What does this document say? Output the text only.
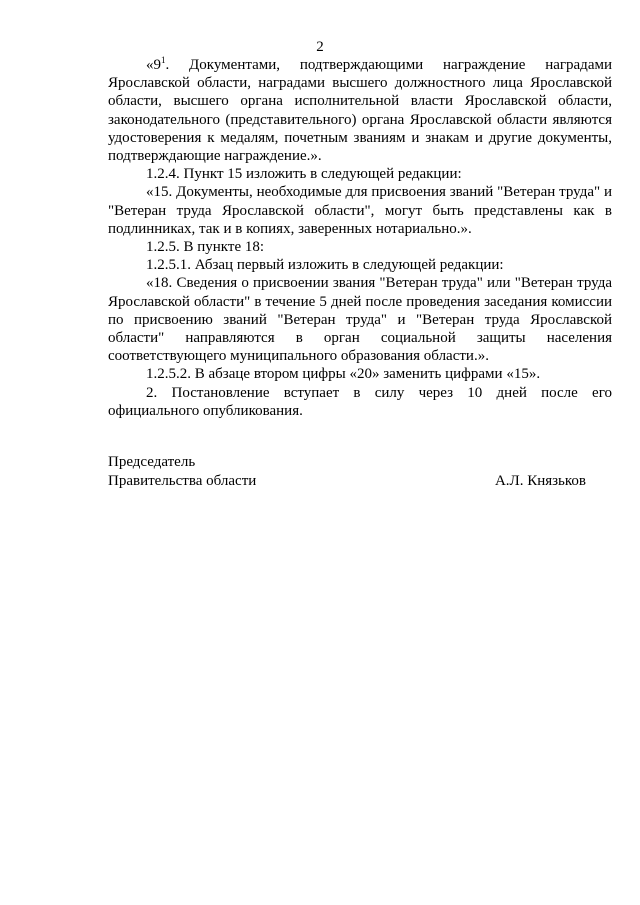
2

«$9^1$. Документами, подтверждающими награждение наградами Ярославской области, наградами высшего должностного лица Ярославской области, высшего органа исполнительной власти Ярославской области, законодательного (представительного) органа Ярославской области являются удостоверения к медалям, почетным званиям и знакам и другие документы, подтверждающие награждение.».

1.2.4. Пункт 15 изложить в следующей редакции:

«15. Документы, необходимые для присвоения званий "Ветеран труда" и "Ветеран труда Ярославской области", могут быть представлены как в подлинниках, так и в копиях, заверенных нотариально.».

1.2.5. В пункте 18:

1.2.5.1. Абзац первый изложить в следующей редакции:

«18. Сведения о присвоении звания "Ветеран труда" или "Ветеран труда Ярославской области" в течение 5 дней после проведения заседания комиссии по присвоению званий "Ветеран труда" и "Ветеран труда Ярославской области" направляются в орган социальной защиты населения соответствующего муниципального образования области.».

1.2.5.2. В абзаце втором цифры «20» заменить цифрами «15».

2. Постановление вступает в силу через 10 дней после его официального опубликования.

Председатель
Правительства области	А.Л. Князьков
